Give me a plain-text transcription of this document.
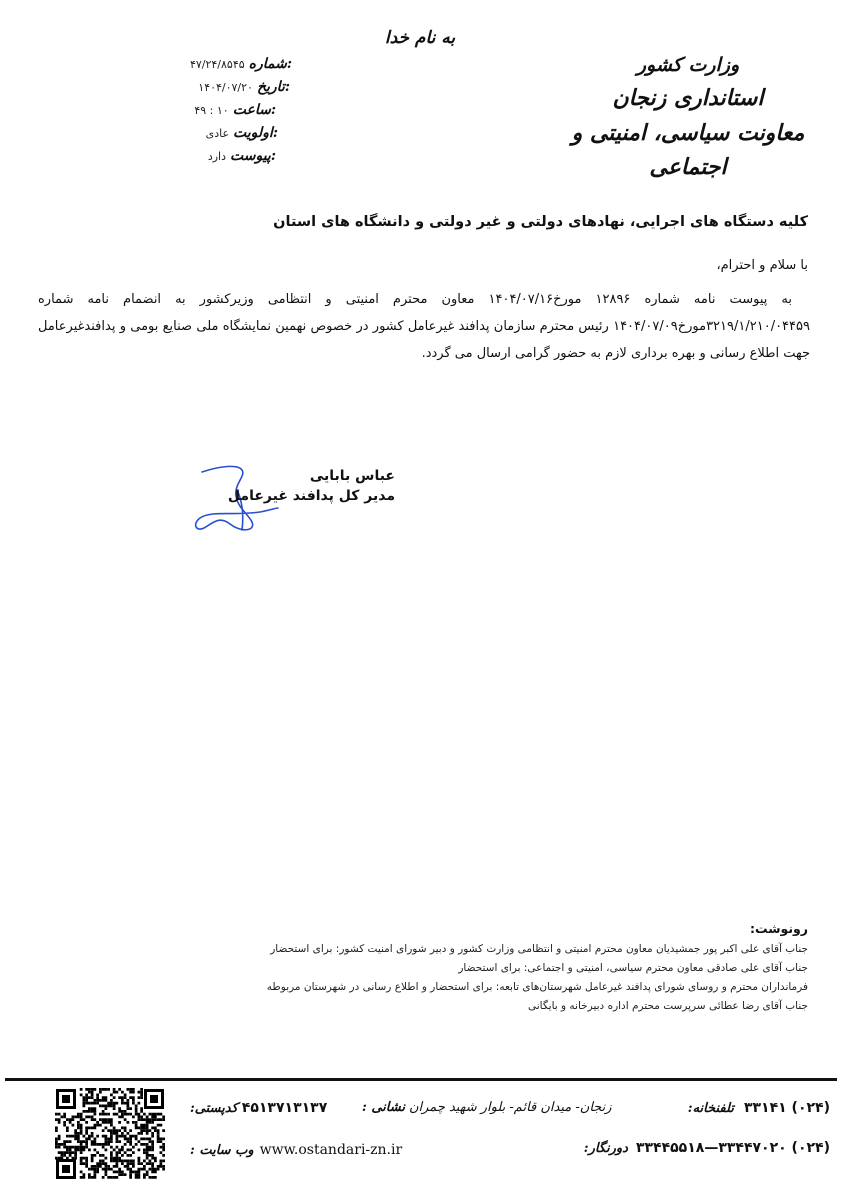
به نام خدا
وزارت کشور
استانداری زنجان
معاونت سیاسی، امنیتی و اجتماعی
شماره:
۴۷/۲۴/۸۵۴۵
تاریخ:
۱۴۰۴/۰۷/۲۰
ساعت:
۱۰ : ۴۹
اولویت:
عادی
پیوست:
دارد
کلیه دستگاه های اجرایی، نهادهای دولتی و غیر دولتی و دانشگاه های استان
با سلام و احترام،

به پیوست نامه شماره ۱۲۸۹۶ مورخ۱۴۰۴/۰۷/۱۶ معاون محترم امنیتی و انتظامی وزیرکشور به انضمام نامه شماره ۳۲۱۹/۱/۲۱۰/۰۴۴۵۹مورخ۱۴۰۴/۰۷/۰۹ رئیس محترم سازمان پدافند غیرعامل کشور در خصوص نهمین نمایشگاه ملی صنایع بومی و پدافندغیرعامل جهت اطلاع رسانی و بهره برداری لازم به حضور گرامی ارسال می گردد.

عباس بابایی
مدیر کل پدافند غیرعامل
رونوشت:
جناب آقای علی اکبر پور جمشیدیان معاون محترم امنیتی و انتظامی وزارت کشور و دبیر شورای امنیت کشور: برای استحضار
جناب آقای علی صادقی معاون محترم سیاسی، امنیتی و اجتماعی: برای استحضار
فرمانداران محترم و روسای شورای پدافند غیرعامل شهرستان‌های تابعه: برای استحضار و اطلاع رسانی در شهرستان مربوطه
جناب آقای رضا عطائی سرپرست محترم اداره دبیرخانه و بایگانی
تلفنخانه: (۰۲۴) ۳۳۱۴۱
دورنگار: (۰۲۴) ۳۳۴۴۷۰۲۰—۳۳۴۴۵۵۱۸
نشانی : زنجان- میدان قائم- بلوار شهید چمران
کدپستی: ۴۵۱۳۷۱۳۱۳۷
وب سایت : www.ostandari-zn.ir
